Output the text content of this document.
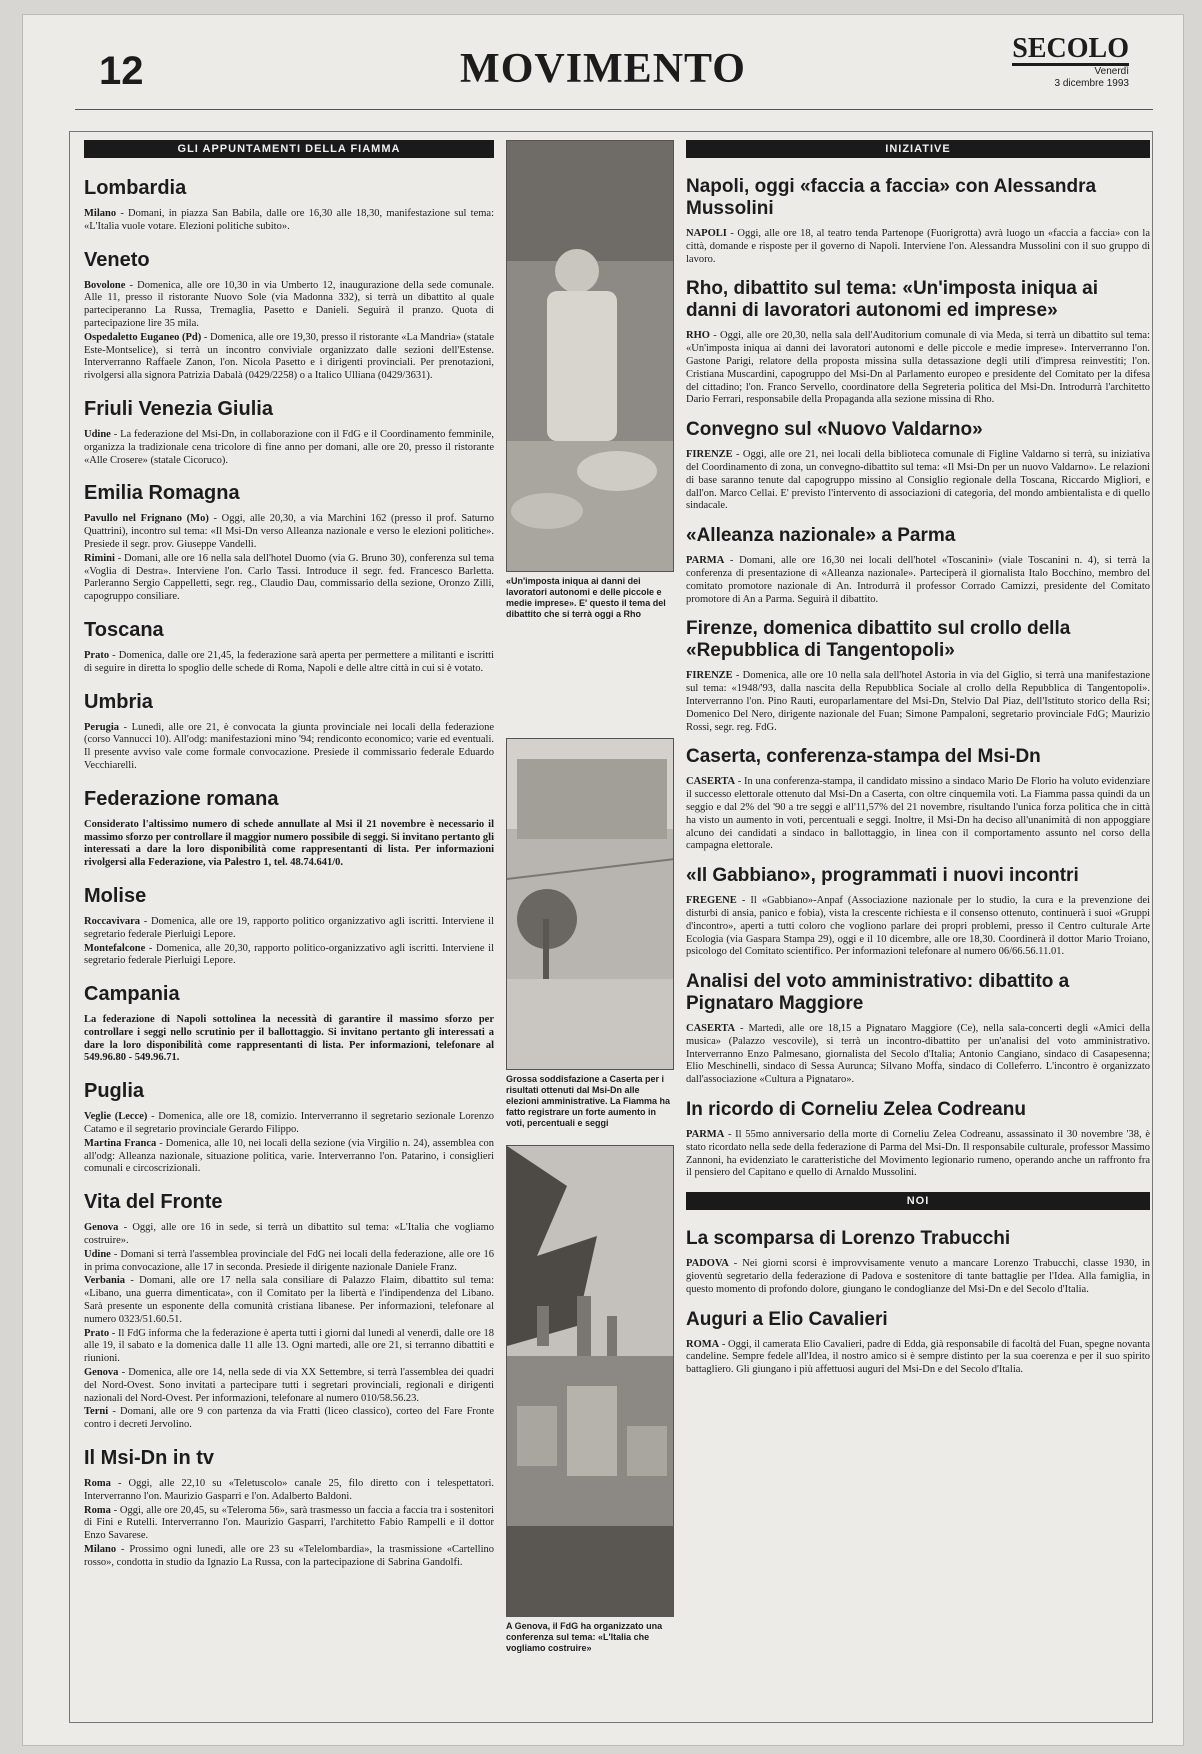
12	MOVIMENTO	SECOLO
Venerdì
3 dicembre 1993
GLI APPUNTAMENTI DELLA FIAMMA
Lombardia
Milano - Domani, in piazza San Babila, dalle ore 16,30 alle 18,30, manifestazione sul tema: «L'Italia vuole votare. Elezioni politiche subito».
Veneto
Bovolone - Domenica, alle ore 10,30 in via Umberto 12, inaugurazione della sede comunale. Alle 11, presso il ristorante Nuovo Sole (via Madonna 332), si terrà un dibattito al quale parteciperanno La Russa, Tremaglia, Pasetto e Danieli. Seguirà il pranzo. Quota di partecipazione lire 35 mila.
Ospedaletto Euganeo (Pd) - Domenica, alle ore 19,30, presso il ristorante «La Mandria» (statale Este-Montselice), si terrà un incontro conviviale organizzato dalle sezioni dell'Estense. Interverranno Raffaele Zanon, l'on. Nicola Pasetto e i dirigenti provinciali. Per prenotazioni, rivolgersi alla signora Patrizia Dabalà (0429/2258) o a Italico Ulliana (0429/3631).
Friuli Venezia Giulia
Udine - La federazione del Msi-Dn, in collaborazione con il FdG e il Coordinamento femminile, organizza la tradizionale cena tricolore di fine anno per domani, alle ore 20, presso il ristorante «Alle Crosere» (statale Cicoruco).
Emilia Romagna
Pavullo nel Frignano (Mo) - Oggi, alle 20,30, a via Marchini 162 (presso il prof. Saturno Quattrini), incontro sul tema: «Il Msi-Dn verso Alleanza nazionale e verso le elezioni politiche». Presiede il segr. prov. Giuseppe Vandelli.
Rimini - Domani, alle ore 16 nella sala dell'hotel Duomo (via G. Bruno 30), conferenza sul tema «Voglia di Destra». Interviene l'on. Carlo Tassi. Introduce il segr. fed. Francesco Barletta. Parleranno Sergio Cappelletti, segr. reg., Claudio Dau, commissario della sezione, Oronzo Zilli, capogruppo consiliare.
Toscana
Prato - Domenica, dalle ore 21,45, la federazione sarà aperta per permettere a militanti e iscritti di seguire in diretta lo spoglio delle schede di Roma, Napoli e delle altre città in cui si è votato.
Umbria
Perugia - Lunedì, alle ore 21, è convocata la giunta provinciale nei locali della federazione (corso Vannucci 10). All'odg: manifestazioni mino '94; rendiconto economico; varie ed eventuali. Il presente avviso vale come formale convocazione. Presiede il commissario federale Eduardo Vecchiarelli.
Federazione romana
Considerato l'altissimo numero di schede annullate al Msi il 21 novembre è necessario il massimo sforzo per controllare il maggior numero possibile di seggi. Si invitano pertanto gli interessati a dare la loro disponibilità come rappresentanti di lista. Per informazioni rivolgersi alla Federazione, via Palestro 1, tel. 48.74.641/0.
Molise
Roccavivara - Domenica, alle ore 19, rapporto politico organizzativo agli iscritti. Interviene il segretario federale Pierluigi Lepore.
Montefalcone - Domenica, alle 20,30, rapporto politico-organizzativo agli iscritti. Interviene il segretario federale Pierluigi Lepore.
Campania
La federazione di Napoli sottolinea la necessità di garantire il massimo sforzo per controllare i seggi nello scrutinio per il ballottaggio. Si invitano pertanto gli interessati a dare la loro disponibilità come rappresentanti di lista. Per informazioni, telefonare al 549.96.80 - 549.96.71.
Puglia
Veglie (Lecce) - Domenica, alle ore 18, comizio. Interverranno il segretario sezionale Lorenzo Catamo e il segretario provinciale Gerardo Filippo.
Martina Franca - Domenica, alle 10, nei locali della sezione (via Virgilio n. 24), assemblea con all'odg: Alleanza nazionale, situazione politica, varie. Interverranno l'on. Patarino, i consiglieri comunali e circoscrizionali.
Vita del Fronte
Genova - Oggi, alle ore 16 in sede, si terrà un dibattito sul tema: «L'Italia che vogliamo costruire».
Udine - Domani si terrà l'assemblea provinciale del FdG nei locali della federazione, alle ore 16 in prima convocazione, alle 17 in seconda. Presiede il dirigente nazionale Daniele Franz.
Verbania - Domani, alle ore 17 nella sala consiliare di Palazzo Flaim, dibattito sul tema: «Libano, una guerra dimenticata», con il Comitato per la libertà e l'indipendenza del Libano. Sarà presente un esponente della comunità cristiana libanese. Per informazioni, telefonare al numero 0323/51.60.51.
Prato - Il FdG informa che la federazione è aperta tutti i giorni dal lunedì al venerdì, dalle ore 18 alle 19, il sabato e la domenica dalle 11 alle 13. Ogni martedì, alle ore 21, si terranno dibattiti e riunioni.
Genova - Domenica, alle ore 14, nella sede di via XX Settembre, si terrà l'assemblea dei quadri del Nord-Ovest. Sono invitati a partecipare tutti i segretari provinciali, regionali e dirigenti nazionali del Nord-Ovest. Per informazioni, telefonare al numero 010/58.56.23.
Terni - Domani, alle ore 9 con partenza da via Fratti (liceo classico), corteo del Fare Fronte contro i decreti Jervolino.
Il Msi-Dn in tv
Roma - Oggi, alle 22,10 su «Teletuscolo» canale 25, filo diretto con i telespettatori. Interverranno l'on. Maurizio Gasparri e l'on. Adalberto Baldoni.
Roma - Oggi, alle ore 20,45, su «Teleroma 56», sarà trasmesso un faccia a faccia tra i sostenitori di Fini e Rutelli. Interverranno l'on. Maurizio Gasparri, l'architetto Fabio Rampelli e il dottor Enzo Savarese.
Milano - Prossimo ogni lunedì, alle ore 23 su «Telelombardia», la trasmissione «Cartellino rosso», condotta in studio da Ignazio La Russa, con la partecipazione di Sabrina Gandolfi.
«Un'imposta iniqua ai danni dei lavoratori autonomi e delle piccole e medie imprese». E' questo il tema del dibattito che si terrà oggi a Rho
Grossa soddisfazione a Caserta per i risultati ottenuti dal Msi-Dn alle elezioni amministrative. La Fiamma ha fatto registrare un forte aumento in voti, percentuali e seggi
A Genova, il FdG ha organizzato una conferenza sul tema: «L'Italia che vogliamo costruire»
INIZIATIVE
Napoli, oggi «faccia a faccia» con Alessandra Mussolini

NAPOLI - Oggi, alle ore 18, al teatro tenda Partenope (Fuorigrotta) avrà luogo un «faccia a faccia» con la città, domande e risposte per il governo di Napoli. Interviene l'on. Alessandra Mussolini con il suo gruppo di lavoro.

Rho, dibattito sul tema: «Un'imposta iniqua ai danni di lavoratori autonomi ed imprese»

RHO - Oggi, alle ore 20,30, nella sala dell'Auditorium comunale di via Meda, si terrà un dibattito sul tema: «Un'imposta iniqua ai danni dei lavoratori autonomi e delle piccole e medie imprese». Interverranno l'on. Gastone Parigi, relatore della proposta missina sulla detassazione degli utili d'impresa reinvestiti; l'on. Cristiana Muscardini, capogruppo del Msi-Dn al Parlamento europeo e presidente del Comitato per la difesa del cittadino; l'on. Franco Servello, coordinatore della Segreteria politica del Msi-Dn. Introdurrà l'architetto Dario Ferrari, responsabile della Propaganda alla sezione missina di Rho.

Convegno sul «Nuovo Valdarno»

FIRENZE - Oggi, alle ore 21, nei locali della biblioteca comunale di Figline Valdarno si terrà, su iniziativa del Coordinamento di zona, un convegno-dibattito sul tema: «Il Msi-Dn per un nuovo Valdarno». Le relazioni di base saranno tenute dal capogruppo missino al Consiglio regionale della Toscana, Riccardo Migliori, e dall'on. Marco Cellai. E' previsto l'intervento di associazioni di categoria, del mondo ambientalista e di quello sindacale.

«Alleanza nazionale» a Parma

PARMA - Domani, alle ore 16,30 nei locali dell'hotel «Toscanini» (viale Toscanini n. 4), si terrà la conferenza di presentazione di «Alleanza nazionale». Parteciperà il giornalista Italo Bocchino, membro del comitato promotore nazionale di An. Introdurrà il professor Corrado Camizzi, presidente del Comitato promotore di An a Parma. Seguirà il dibattito.

Firenze, domenica dibattito sul crollo della «Repubblica di Tangentopoli»

FIRENZE - Domenica, alle ore 10 nella sala dell'hotel Astoria in via del Giglio, si terrà una manifestazione sul tema: «1948/'93, dalla nascita della Repubblica Sociale al crollo della Repubblica di Tangentopoli». Interverranno l'on. Pino Rauti, europarlamentare del Msi-Dn, Stelvio Dal Piaz, dell'Istituto storico della Rsi; Domenico Del Nero, dirigente nazionale del Fuan; Simone Pampaloni, segretario provinciale FdG; Maurizio Rossi, segr. reg. FdG.

Caserta, conferenza-stampa del Msi-Dn

CASERTA - In una conferenza-stampa, il candidato missino a sindaco Mario De Florio ha voluto evidenziare il successo elettorale ottenuto dal Msi-Dn a Caserta, con oltre cinquemila voti. La Fiamma passa quindi da un seggio e dal 2% del '90 a tre seggi e all'11,57% del 21 novembre, risultando l'unica forza politica che in città ha visto un aumento in voti, percentuali e seggi. Inoltre, il Msi-Dn ha deciso all'unanimità di non appoggiare alcuno dei candidati a sindaco in ballottaggio, in linea con il comportamento assunto nel corso della campagna elettorale.

«Il Gabbiano», programmati i nuovi incontri

FREGENE - Il «Gabbiano»-Anpaf (Associazione nazionale per lo studio, la cura e la prevenzione dei disturbi di ansia, panico e fobia), vista la crescente richiesta e il consenso ottenuto, continuerà i suoi «Gruppi d'incontro», aperti a tutti coloro che vogliono parlare dei propri problemi, presso il Centro culturale Arte Ecologia (via Gaspara Stampa 29), oggi e il 10 dicembre, alle ore 18,30. Coordinerà il dottor Mario Troiano, psicologo del Comitato scientifico. Per informazioni telefonare al numero 06/66.56.11.01.

Analisi del voto amministrativo: dibattito a Pignataro Maggiore

CASERTA - Martedì, alle ore 18,15 a Pignataro Maggiore (Ce), nella sala-concerti degli «Amici della musica» (Palazzo vescovile), si terrà un incontro-dibattito per un'analisi del voto amministrativo. Interverranno Enzo Palmesano, giornalista del Secolo d'Italia; Antonio Cangiano, sindaco di Casapesenna; Elio Meschinelli, sindaco di Sessa Aurunca; Silvano Moffa, sindaco di Colleferro. L'incontro è organizzato dall'associazione «Cultura a Pignataro».

In ricordo di Corneliu Zelea Codreanu

PARMA - Il 55mo anniversario della morte di Corneliu Zelea Codreanu, assassinato il 30 novembre '38, è stato ricordato nella sede della federazione di Parma del Msi-Dn. Il responsabile culturale, professor Massimo Zannoni, ha evidenziato le caratteristiche del Movimento legionario rumeno, operando anche un raffronto fra il pensiero del Capitano e quello di Arnaldo Mussolini.

NOI
La scomparsa di Lorenzo Trabucchi

PADOVA - Nei giorni scorsi è improvvisamente venuto a mancare Lorenzo Trabucchi, classe 1930, in gioventù segretario della federazione di Padova e sostenitore di tante battaglie per l'Idea. Alla famiglia, in questo momento di profondo dolore, giungano le condoglianze del Msi-Dn e del Secolo d'Italia.

Auguri a Elio Cavalieri

ROMA - Oggi, il camerata Elio Cavalieri, padre di Edda, già responsabile di facoltà del Fuan, spegne novanta candeline. Sempre fedele all'Idea, il nostro amico si è sempre distinto per la sua coerenza e per il suo spirito battagliero. Gli giungano i più affettuosi auguri del Msi-Dn e del Secolo d'Italia.
